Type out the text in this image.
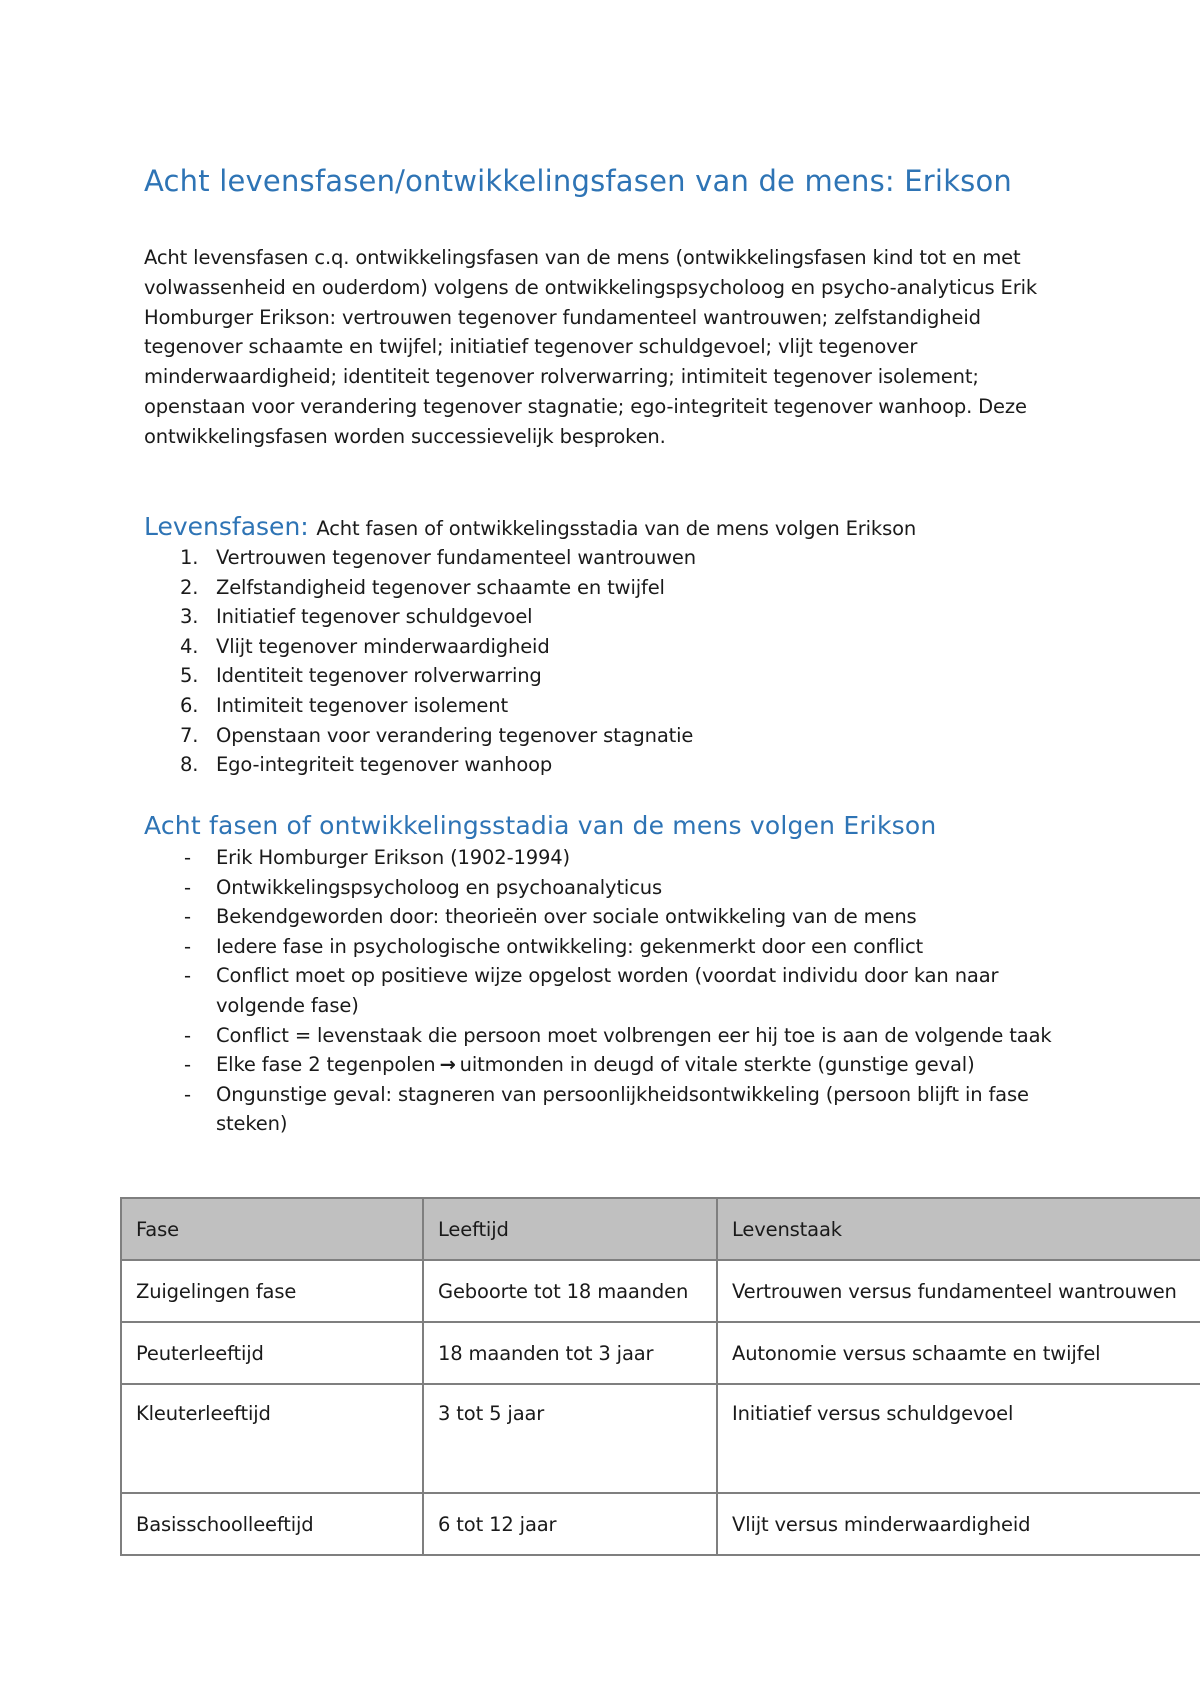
Acht levensfasen/ontwikkelingsfasen van de mens: Erikson

Acht levensfasen c.q. ontwikkelingsfasen van de mens (ontwikkelingsfasen kind tot en met volwassenheid en ouderdom) volgens de ontwikkelingspsycholoog en psycho-analyticus Erik Homburger Erikson: vertrouwen tegenover fundamenteel wantrouwen; zelfstandigheid tegenover schaamte en twijfel; initiatief tegenover schuldgevoel; vlijt tegenover minderwaardigheid; identiteit tegenover rolverwarring; intimiteit tegenover isolement; openstaan voor verandering tegenover stagnatie; ego-integriteit tegenover wanhoop. Deze ontwikkelingsfasen worden successievelijk besproken.

Levensfasen: Acht fasen of ontwikkelingsstadia van de mens volgen Erikson
1. Vertrouwen tegenover fundamenteel wantrouwen
2. Zelfstandigheid tegenover schaamte en twijfel
3. Initiatief tegenover schuldgevoel
4. Vlijt tegenover minderwaardigheid
5. Identiteit tegenover rolverwarring
6. Intimiteit tegenover isolement
7. Openstaan voor verandering tegenover stagnatie
8. Ego-integriteit tegenover wanhoop
Acht fasen of ontwikkelingsstadia van de mens volgen Erikson
- Erik Homburger Erikson (1902-1994)
- Ontwikkelingspsycholoog en psychoanalyticus
- Bekendgeworden door: theorieën over sociale ontwikkeling van de mens
- Iedere fase in psychologische ontwikkeling: gekenmerkt door een conflict
- Conflict moet op positieve wijze opgelost worden (voordat individu door kan naar volgende fase)
- Conflict = levenstaak die persoon moet volbrengen eer hij toe is aan de volgende taak
- Elke fase 2 tegenpolen → uitmonden in deugd of vitale sterkte (gunstige geval)
- Ongunstige geval: stagneren van persoonlijkheidsontwikkeling (persoon blijft in fase steken)
Fase	Leeftijd	Levenstaak
Zuigelingen fase	Geboorte tot 18 maanden	Vertrouwen versus fundamenteel wantrouwen
Peuterleeftijd	18 maanden tot 3 jaar	Autonomie versus schaamte en twijfel
Kleuterleeftijd	3 tot 5 jaar	Initiatief versus schuldgevoel
Basisschoolleeftijd	6 tot 12 jaar	Vlijt versus minderwaardigheid
